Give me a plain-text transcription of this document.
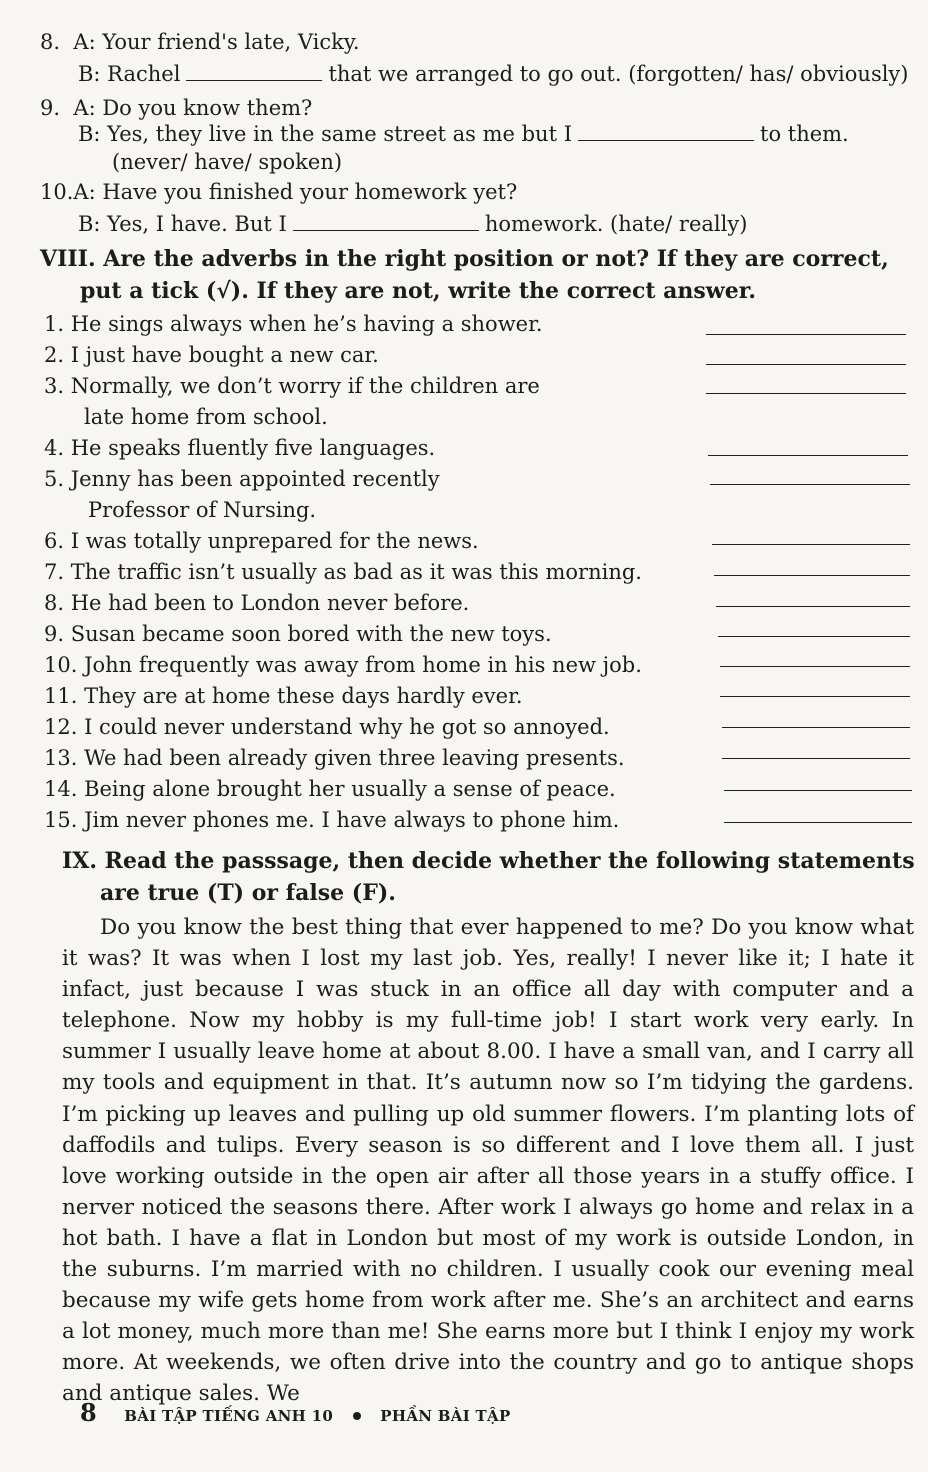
8. A: Your friend's late, Vicky.
B: Rachel	that we arranged to go out. (forgotten/ has/ obviously)
9. A: Do you know them?
B: Yes, they live in the same street as me but I	to them.
(never/ have/ spoken)
10.A: Have you finished your homework yet?
B: Yes, I have. But I	homework. (hate/ really)
VIII. Are the adverbs in the right position or not? If they are correct,
put a tick (√). If they are not, write the correct answer.
1. He sings always when he’s having a shower.
2. I just have bought a new car.
3. Normally, we don’t worry if the children are
late home from school.
4. He speaks fluently five languages.
5. Jenny has been appointed recently
Professor of Nursing.
6. I was totally unprepared for the news.
7. The traffic isn’t usually as bad as it was this morning.
8. He had been to London never before.
9. Susan became soon bored with the new toys.
10. John frequently was away from home in his new job.
11. They are at home these days hardly ever.
12. I could never understand why he got so annoyed.
13. We had been already given three leaving presents.
14. Being alone brought her usually a sense of peace.
15. Jim never phones me. I have always to phone him.
IX. Read the passsage, then decide whether the following statements
are true (T) or false (F).

Do you know the best thing that ever happened to me? Do you know what it was? It was when I lost my last job. Yes, really! I never like it; I hate it infact, just because I was stuck in an office all day with computer and a telephone. Now my hobby is my full-time job! I start work very early. In summer I usually leave home at about 8.00. I have a small van, and I carry all my tools and equipment in that. It’s autumn now so I’m tidying the gardens. I’m picking up leaves and pulling up old summer flowers. I’m planting lots of daffodils and tulips. Every season is so different and I love them all. I just love working outside in the open air after all those years in a stuffy office. I nerver noticed the seasons there. After work I always go home and relax in a hot bath. I have a flat in London but most of my work is outside London, in the suburns. I’m married with no children. I usually cook our evening meal because my wife gets home from work after me. She’s an architect and earns a lot money, much more than me! She earns more but I think I enjoy my work more. At weekends, we often drive into the country and go to antique shops and antique sales. We

8 BÀI TẬP TIẾNG ANH 10	PHẦN BÀI TẬP
